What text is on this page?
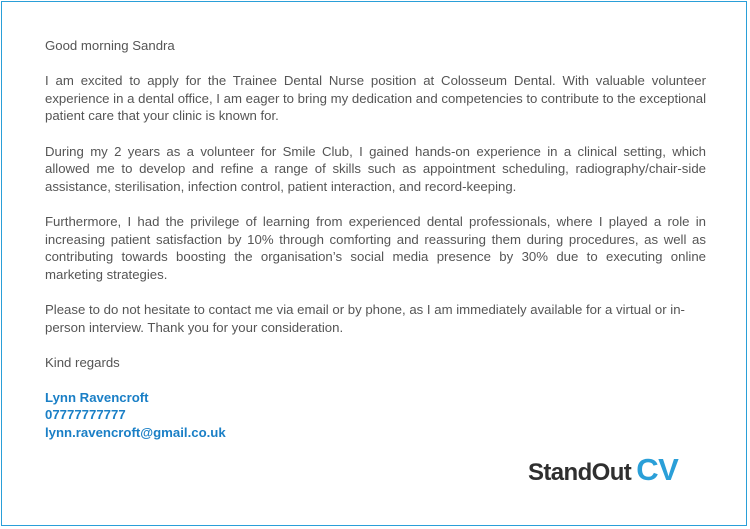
Good morning Sandra

I am excited to apply for the Trainee Dental Nurse position at Colosseum Dental. With valuable volunteer experience in a dental office, I am eager to bring my dedication and competencies to contribute to the exceptional patient care that your clinic is known for.

During my 2 years as a volunteer for Smile Club, I gained hands-on experience in a clinical setting, which allowed me to develop and refine a range of skills such as appointment scheduling, radiography/chair-side assistance, sterilisation, infection control, patient interaction, and record-keeping.

Furthermore, I had the privilege of learning from experienced dental professionals, where I played a role in increasing patient satisfaction by 10% through comforting and reassuring them during procedures, as well as contributing towards boosting the organisation’s social media presence by 30% due to executing online marketing strategies.

Please to do not hesitate to contact me via email or by phone, as I am immediately available for a virtual or in-person interview. Thank you for your consideration.

Kind regards

Lynn Ravencroft
07777777777
lynn.ravencroft@gmail.co.uk
StandOut CV
